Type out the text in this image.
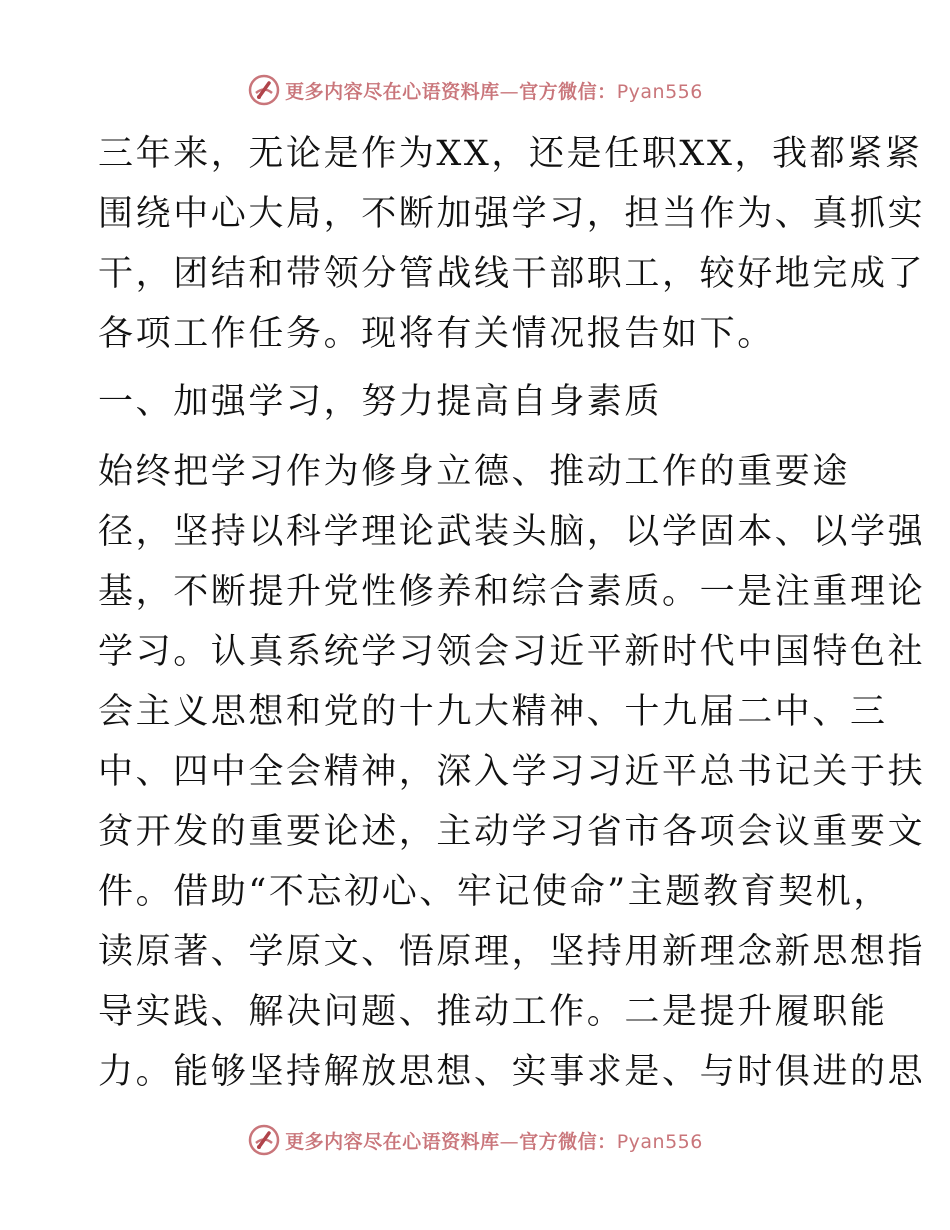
更多内容尽在心语资料库—官方微信：Pyan556
三年来，无论是作为XX，还是任职XX，我都紧紧
围绕中心大局，不断加强学习，担当作为、真抓实
干，团结和带领分管战线干部职工，较好地完成了
各项工作任务。现将有关情况报告如下。
一、加强学习，努力提高自身素质
始终把学习作为修身立德、推动工作的重要途
径，坚持以科学理论武装头脑，以学固本、以学强
基，不断提升党性修养和综合素质。一是注重理论
学习。认真系统学习领会习近平新时代中国特色社
会主义思想和党的十九大精神、十九届二中、三
中、四中全会精神，深入学习习近平总书记关于扶
贫开发的重要论述，主动学习省市各项会议重要文
件。借助“不忘初心、牢记使命”主题教育契机，
读原著、学原文、悟原理，坚持用新理念新思想指
导实践、解决问题、推动工作。二是提升履职能
力。能够坚持解放思想、实事求是、与时俱进的思
更多内容尽在心语资料库—官方微信：Pyan556
